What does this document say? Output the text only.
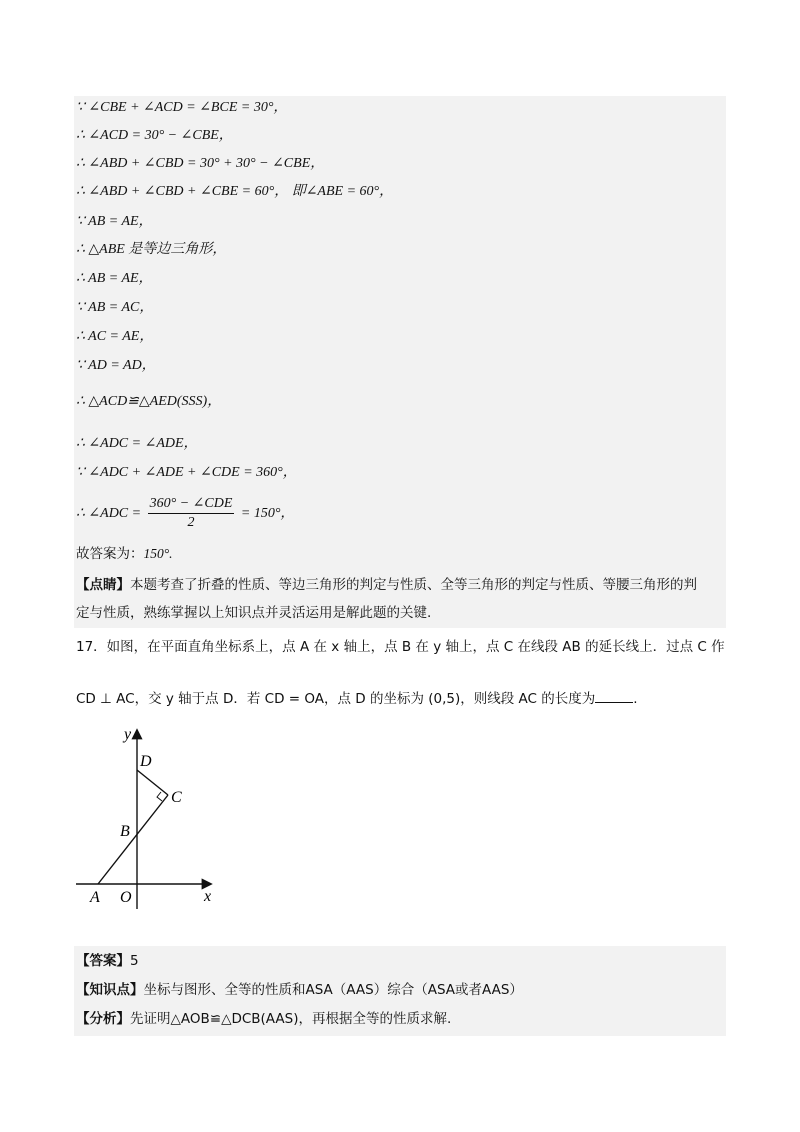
∵ ∠CBE + ∠ACD = ∠BCE = 30°，
∴ ∠ACD = 30° − ∠CBE，
∴ ∠ABD + ∠CBD = 30° + 30° − ∠CBE，
∴ ∠ABD + ∠CBD + ∠CBE = 60°， 即∠ABE = 60°，
∵ AB = AE，
∴ △ABE 是等边三角形，
∴ AB = AE，
∵ AB = AC，
∴ AC = AE，
∵ AD = AD，
∴ △ACD≌△AED(SSS)，
∴ ∠ADC = ∠ADE，
∵ ∠ADC + ∠ADE + ∠CDE = 360°，
∴ ∠ADC = $\frac{\text{360° − ∠CDE}}{2} = 150^\circ$，
故答案为：150°.
【点睛】本题考查了折叠的性质、等边三角形的判定与性质、全等三角形的判定与性质、等腰三角形的判
定与性质，熟练掌握以上知识点并灵活运用是解此题的关键.
17．如图，在平面直角坐标系上，点 A 在 x 轴上，点 B 在 y 轴上，点 C 在线段 AB 的延长线上．过点 C 作
CD ⊥ AC，交 y 轴于点 D．若 CD = OA，点 D 的坐标为 (0,5)，则线段 AC 的长度为	.
y
x
D
C
B
A O
【答案】5
【知识点】坐标与图形、全等的性质和ASA（AAS）综合（ASA或者AAS）
【分析】先证明△AOB≌△DCB(AAS)，再根据全等的性质求解.
